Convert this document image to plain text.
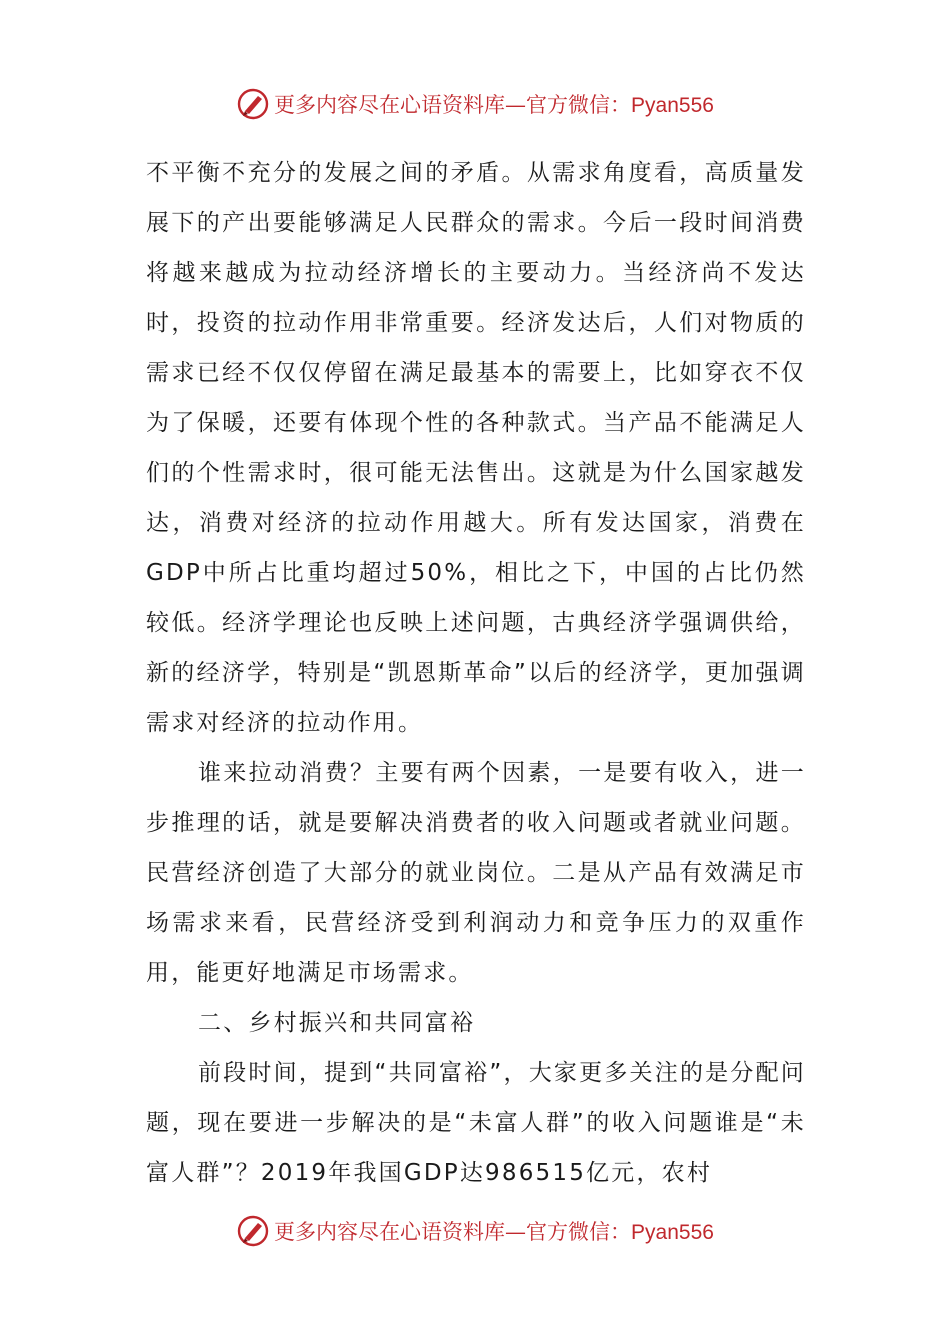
更多内容尽在心语资料库—官方微信：Pyan556

不平衡不充分的发展之间的矛盾。从需求角度看，高质量发展下的产出要能够满足人民群众的需求。今后一段时间消费将越来越成为拉动经济增长的主要动力。当经济尚不发达时，投资的拉动作用非常重要。经济发达后，人们对物质的需求已经不仅仅停留在满足最基本的需要上，比如穿衣不仅为了保暖，还要有体现个性的各种款式。当产品不能满足人们的个性需求时，很可能无法售出。这就是为什么国家越发达，消费对经济的拉动作用越大。所有发达国家，消费在GDP中所占比重均超过50%，相比之下，中国的占比仍然较低。经济学理论也反映上述问题，古典经济学强调供给，新的经济学，特别是“凯恩斯革命”以后的经济学，更加强调需求对经济的拉动作用。

谁来拉动消费？主要有两个因素，一是要有收入，进一步推理的话，就是要解决消费者的收入问题或者就业问题。民营经济创造了大部分的就业岗位。二是从产品有效满足市场需求来看，民营经济受到利润动力和竞争压力的双重作用，能更好地满足市场需求。

二、乡村振兴和共同富裕

前段时间，提到“共同富裕”，大家更多关注的是分配问题，现在要进一步解决的是“未富人群”的收入问题谁是“未富人群”？2019年我国GDP达986515亿元，农村

更多内容尽在心语资料库—官方微信：Pyan556
